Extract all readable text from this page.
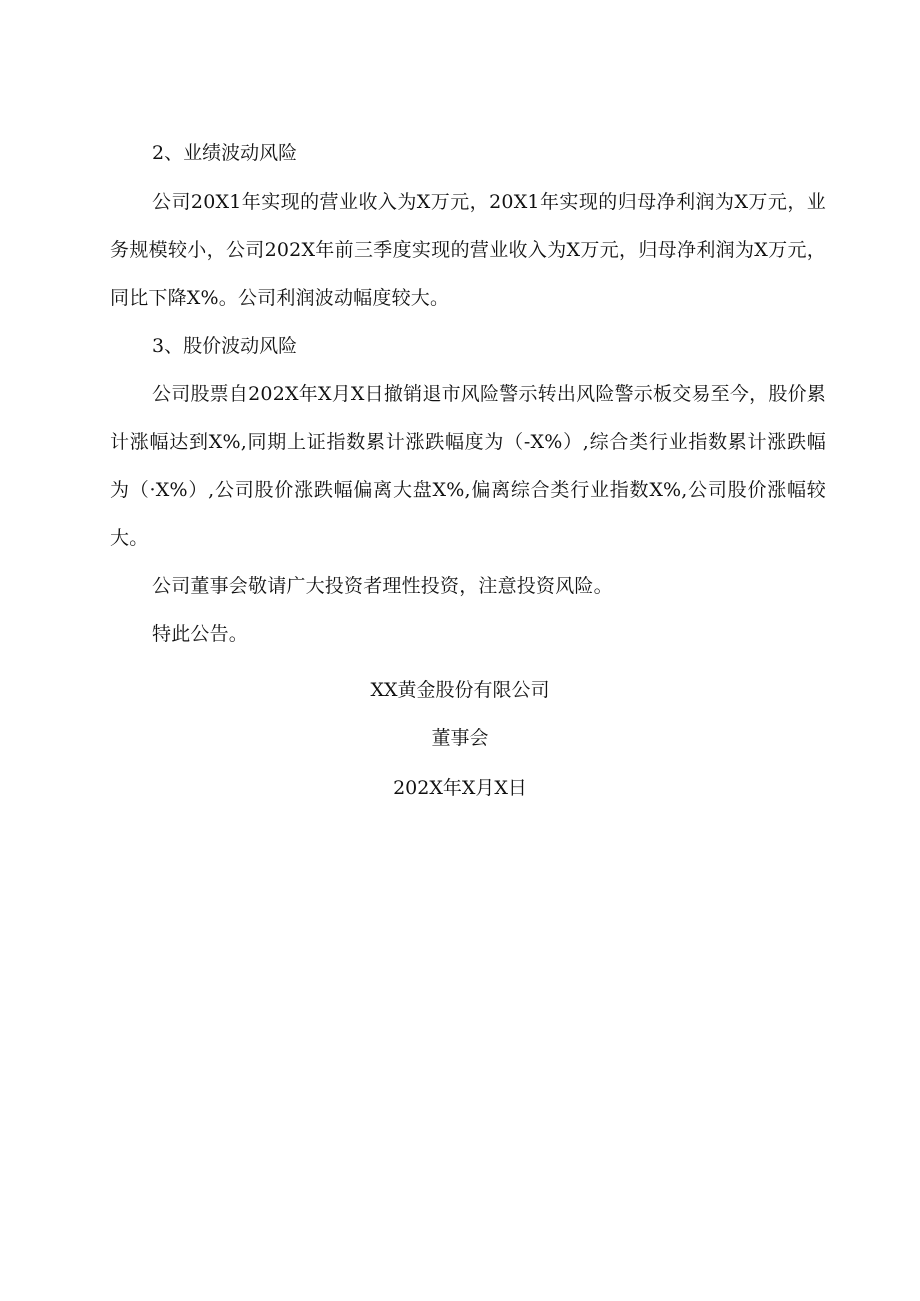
2、业绩波动风险

公司20X1年实现的营业收入为X万元，20X1年实现的归母净利润为X万元，业务规模较小，公司202X年前三季度实现的营业收入为X万元，归母净利润为X万元，同比下降X%。公司利润波动幅度较大。

3、股价波动风险

公司股票自202X年X月X日撤销退市风险警示转出风险警示板交易至今，股价累计涨幅达到X%,同期上证指数累计涨跌幅度为（-X%）,综合类行业指数累计涨跌幅为（·X%）,公司股价涨跌幅偏离大盘X%,偏离综合类行业指数X%,公司股价涨幅较大。

公司董事会敬请广大投资者理性投资，注意投资风险。

特此公告。

XX黄金股份有限公司

董事会

202X年X月X日
